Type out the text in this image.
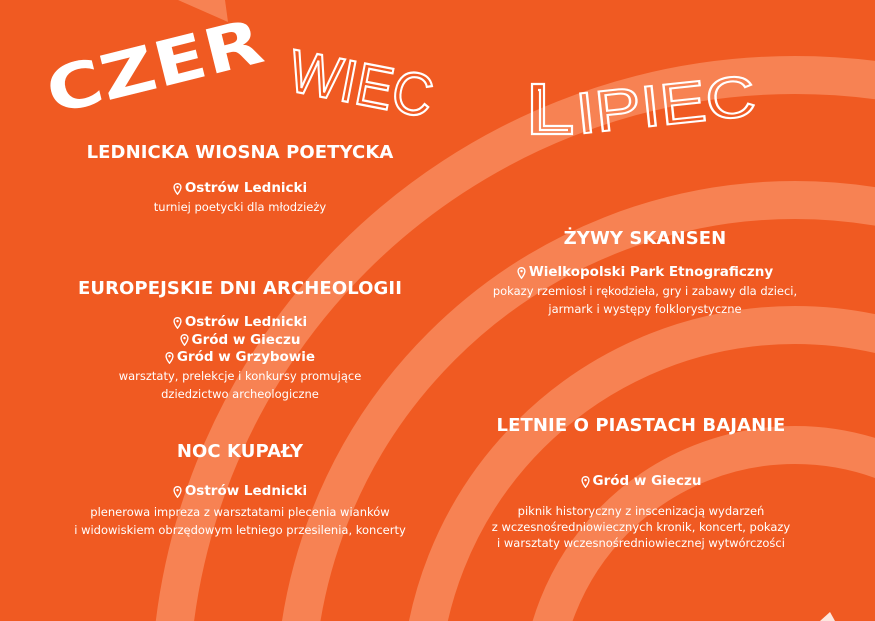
CZER WIEC IPIEC
LEDNICKA WIOSNA POETYCKA
Ostrów Lednicki
turniej poetycki dla młodzieży
EUROPEJSKIE DNI ARCHEOLOGII
Ostrów Lednicki
Gród w Gieczu
Gród w Grzybowie
warsztaty, prelekcje i konkursy promujące
dziedzictwo archeologiczne
NOC KUPAŁY
Ostrów Lednicki
plenerowa impreza z warsztatami plecenia wianków
i widowiskiem obrzędowym letniego przesilenia, koncerty
ŻYWY SKANSEN
Wielkopolski Park Etnograficzny
pokazy rzemiosł i rękodzieła, gry i zabawy dla dzieci,
jarmark i występy folklorystyczne
LETNIE O PIASTACH BAJANIE
Gród w Gieczu
piknik historyczny z inscenizacją wydarzeń
z wczesnośredniowiecznych kronik, koncert, pokazy
i warsztaty wczesnośredniowiecznej wytwórczości
